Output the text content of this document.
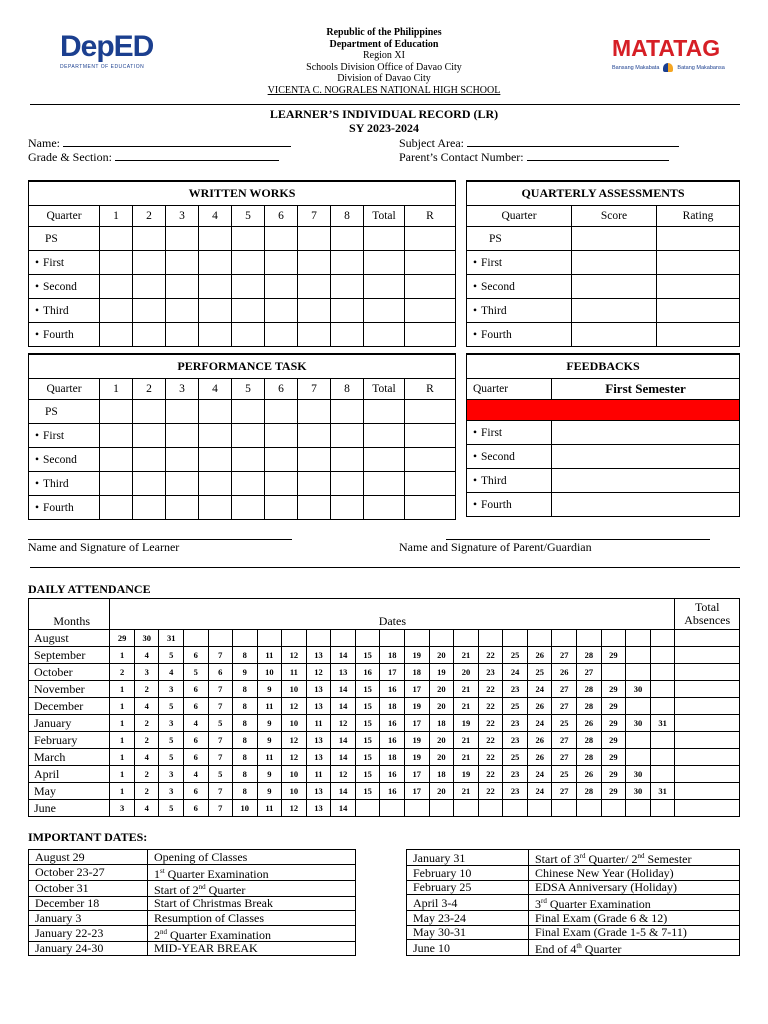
DepED
DEPARTMENT OF EDUCATION
MATATAG
Bansang Makabata	Batang Makabansa
Republic of the Philippines
Department of Education
Region XI
Schools Division Office of Davao City
Division of Davao City
VICENTA C. NOGRALES NATIONAL HIGH SCHOOL
LEARNER’S INDIVIDUAL RECORD (LR)
SY 2023-2024
Name:	Subject Area:
Grade & Section:	Parent’s Contact Number:
WRITTEN WORKS										
Quarter	1	2	3	4	5	6	7	8	Total	R
PS										
• First										
• Second										
• Third										
• Fourth										
QUARTERLY ASSESSMENTS		
Quarter	Score	Rating
PS		
• First		
• Second		
• Third		
• Fourth		
PERFORMANCE TASK										
Quarter	1	2	3	4	5	6	7	8	Total	R
PS										
• First										
• Second										
• Third										
• Fourth										
FEEDBACKS	
Quarter	First Semester

• First	
• Second	
• Third	
• Fourth	
Name and Signature of Learner	Name and Signature of Parent/Guardian
DAILY ATTENDANCE
Months	Dates																							Total Absences
August	29	30	31																					
September	1	4	5	6	7	8	11	12	13	14	15	18	19	20	21	22	25	26	27	28	29			
October	2	3	4	5	6	9	10	11	12	13	16	17	18	19	20	23	24	25	26	27				
November	1	2	3	6	7	8	9	10	13	14	15	16	17	20	21	22	23	24	27	28	29	30		
December	1	4	5	6	7	8	11	12	13	14	15	18	19	20	21	22	25	26	27	28	29			
January	1	2	3	4	5	8	9	10	11	12	15	16	17	18	19	22	23	24	25	26	29	30	31	
February	1	2	5	6	7	8	9	12	13	14	15	16	19	20	21	22	23	26	27	28	29			
March	1	4	5	6	7	8	11	12	13	14	15	18	19	20	21	22	25	26	27	28	29			
April	1	2	3	4	5	8	9	10	11	12	15	16	17	18	19	22	23	24	25	26	29	30		
May	1	2	3	6	7	8	9	10	13	14	15	16	17	20	21	22	23	24	27	28	29	30	31	
June	3	4	5	6	7	10	11	12	13	14														
IMPORTANT DATES:
August 29	Opening of Classes
October 23-27	1st Quarter Examination
October 31	Start of 2nd Quarter
December 18	Start of Christmas Break
January 3	Resumption of Classes
January 22-23	2nd Quarter Examination
January 24-30	MID-YEAR BREAK
January 31	Start of 3rd Quarter/ 2nd Semester
February 10	Chinese New Year (Holiday)
February 25	EDSA Anniversary (Holiday)
April 3-4	3rd Quarter Examination
May 23-24	Final Exam (Grade 6 & 12)
May 30-31	Final Exam (Grade 1-5 & 7-11)
June 10	End of 4th Quarter
